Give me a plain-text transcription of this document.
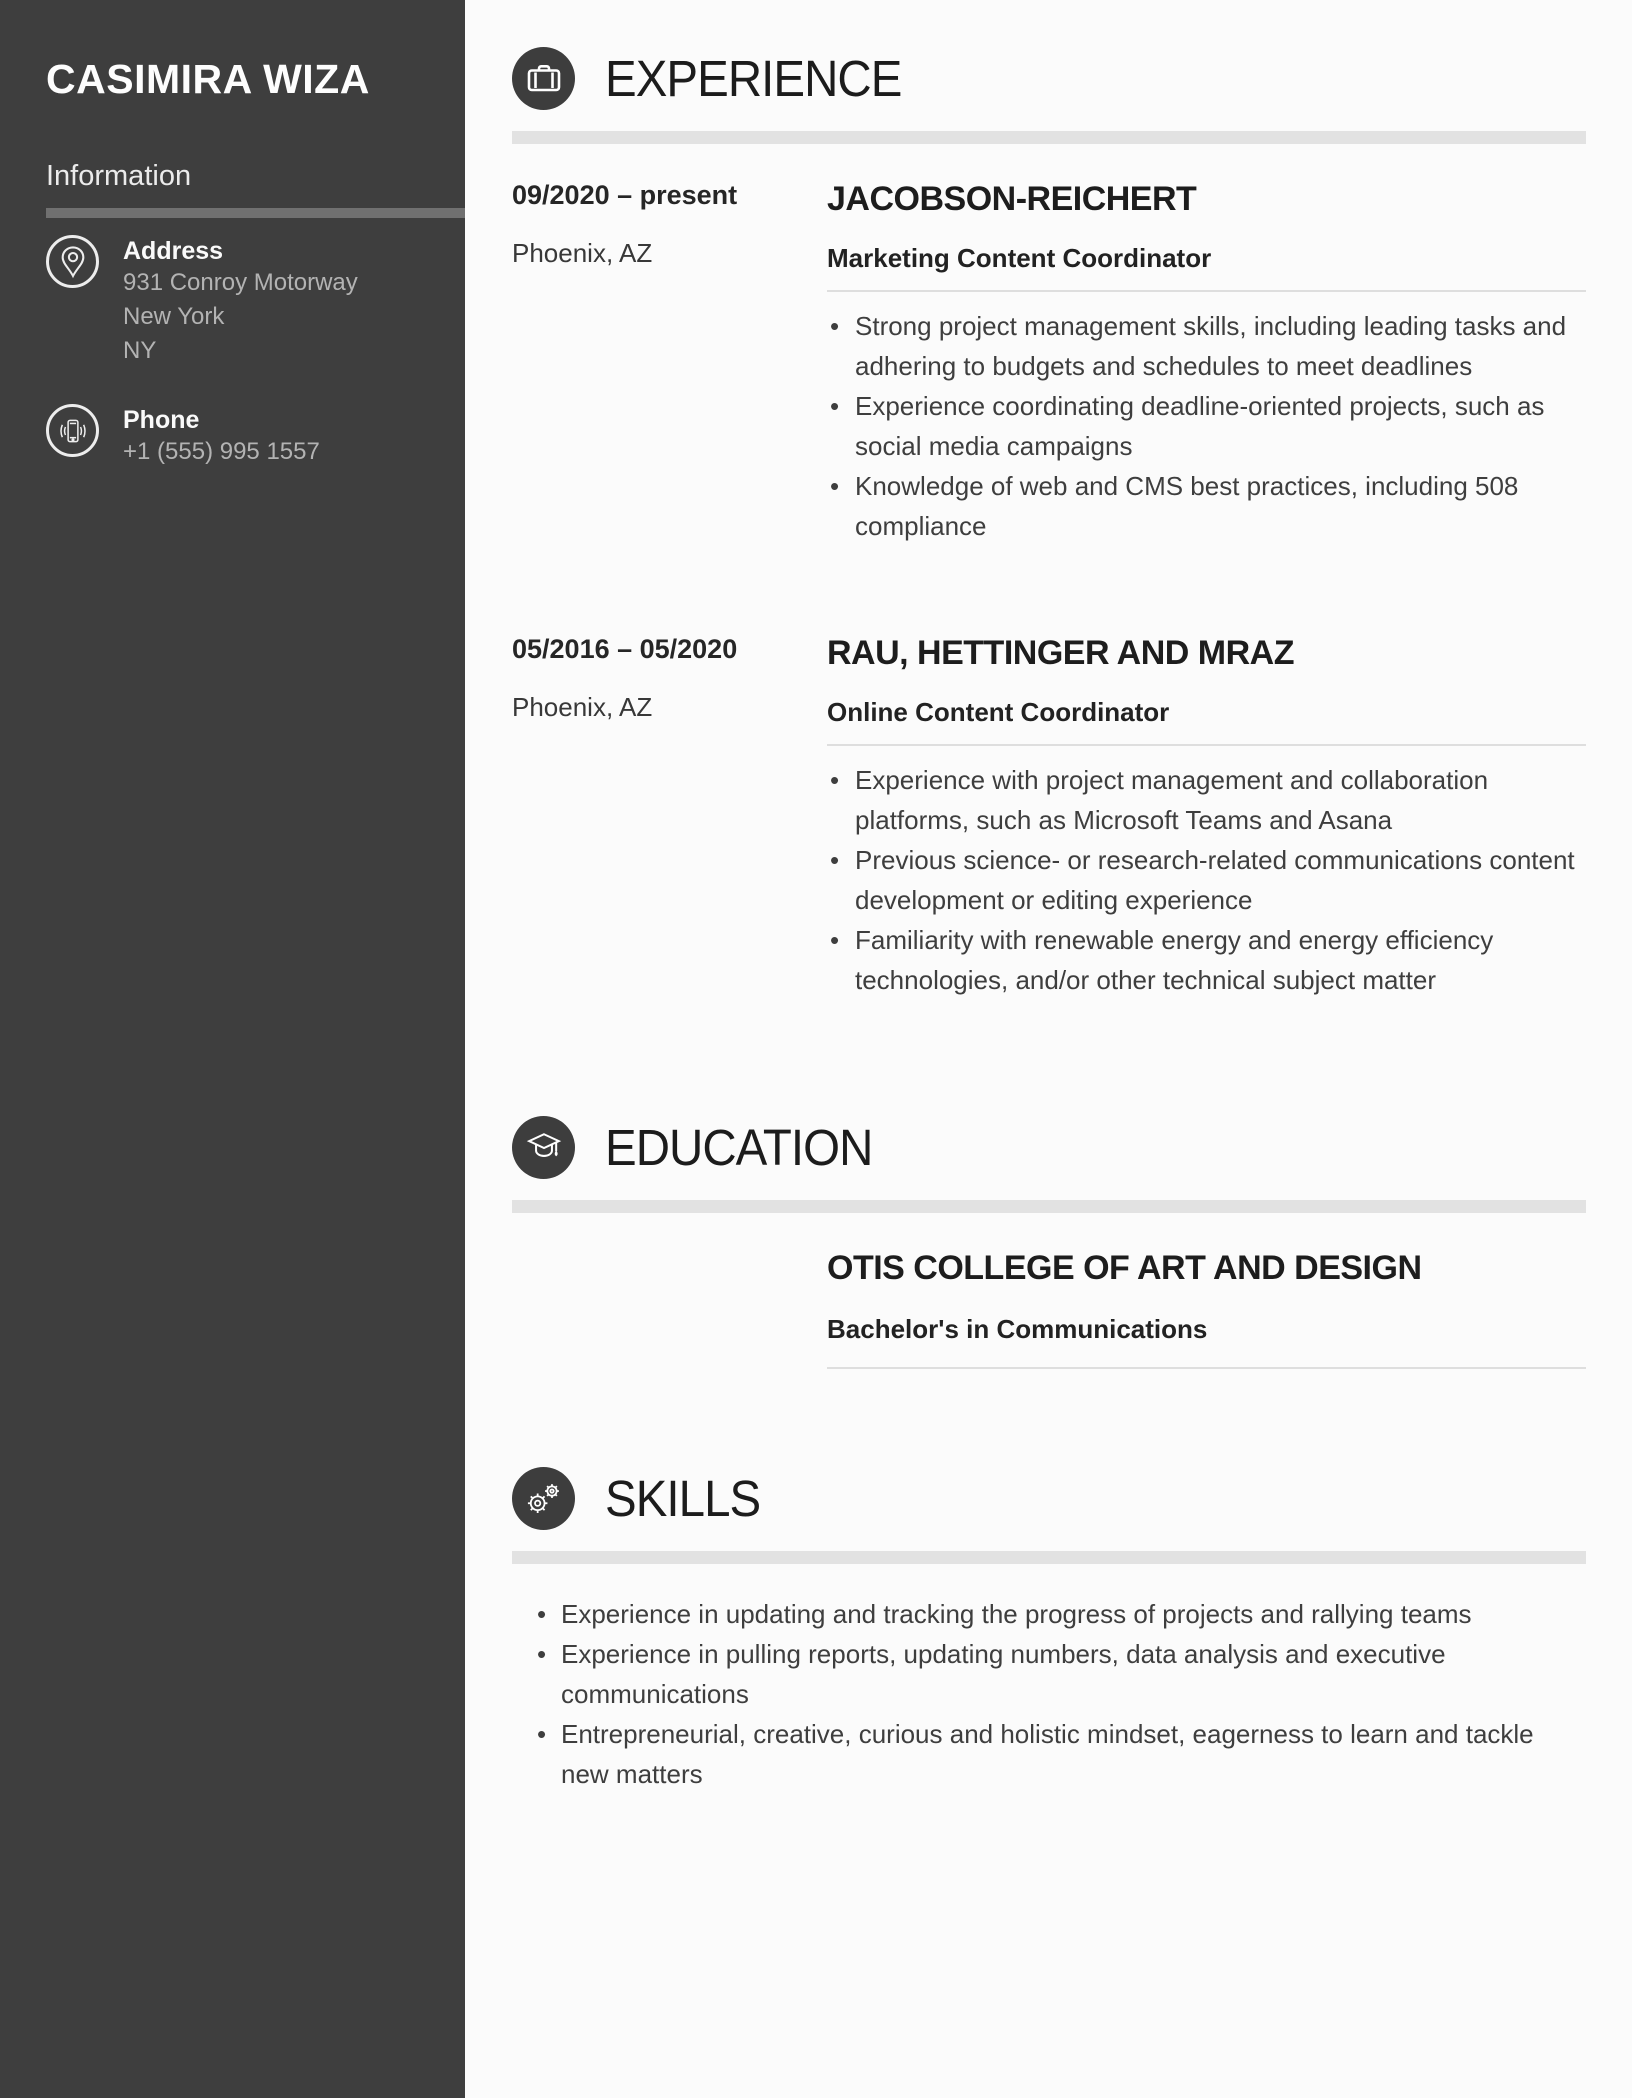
CASIMIRA WIZA
Information
Address
931 Conroy Motorway
New York
NY
Phone
+1 (555) 995 1557
EXPERIENCE
09/2020 – present
Phoenix, AZ
JACOBSON-REICHERT
Marketing Content Coordinator
• Strong project management skills, including leading tasks and adhering to budgets and schedules to meet deadlines
• Experience coordinating deadline-oriented projects, such as social media campaigns
• Knowledge of web and CMS best practices, including 508 compliance
05/2016 – 05/2020
Phoenix, AZ
RAU, HETTINGER AND MRAZ
Online Content Coordinator
• Experience with project management and collaboration platforms, such as Microsoft Teams and Asana
• Previous science- or research-related communications content development or editing experience
• Familiarity with renewable energy and energy efficiency technologies, and/or other technical subject matter
EDUCATION
OTIS COLLEGE OF ART AND DESIGN
Bachelor's in Communications
SKILLS
• Experience in updating and tracking the progress of projects and rallying teams
• Experience in pulling reports, updating numbers, data analysis and executive communications
• Entrepreneurial, creative, curious and holistic mindset, eagerness to learn and tackle new matters
